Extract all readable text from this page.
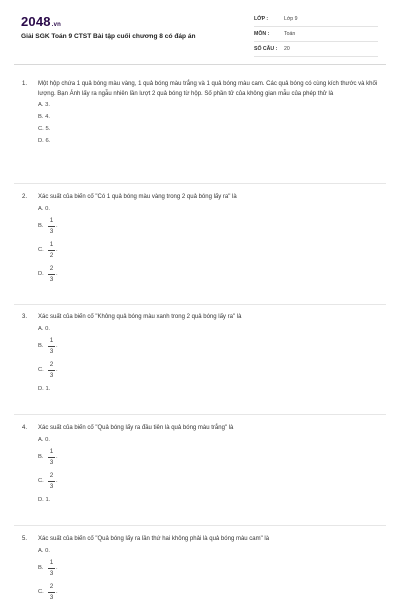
2048.vn
Giải SGK Toán 9 CTST Bài tập cuối chương 8 có đáp án
LỚP :	Lớp 9
MÔN :	Toán
SỐ CÂU : 20
1. Một hộp chứa 1 quả bóng màu vàng, 1 quả bóng màu trắng và 1 quả bóng màu cam. Các quả bóng có cùng kích thước và khối lượng. Bạn Ánh lấy ra ngẫu nhiên lần lượt 2 quả bóng từ hộp. Số phần tử của không gian mẫu của phép thử là
A. 3.
B. 4.
C. 5.
D. 6.
2. Xác suất của biến cố "Có 1 quả bóng màu vàng trong 2 quả bóng lấy ra" là
A. 0.
B.
1
3
.
C.
1
2
.
D.
2
3
.
3. Xác suất của biến cố "Không quả bóng màu xanh trong 2 quả bóng lấy ra" là
A. 0.
B.
1
3
.
C.
2
3
.
D. 1.
4. Xác suất của biến cố "Quả bóng lấy ra đầu tiên là quả bóng màu trắng" là
A. 0.
B.
1
3
.
C.
2
3
.
D. 1.
5. Xác suất của biến cố "Quả bóng lấy ra lần thứ hai không phải là quả bóng màu cam" là
A. 0.
B.
1
3
.
C.
2
3
.
